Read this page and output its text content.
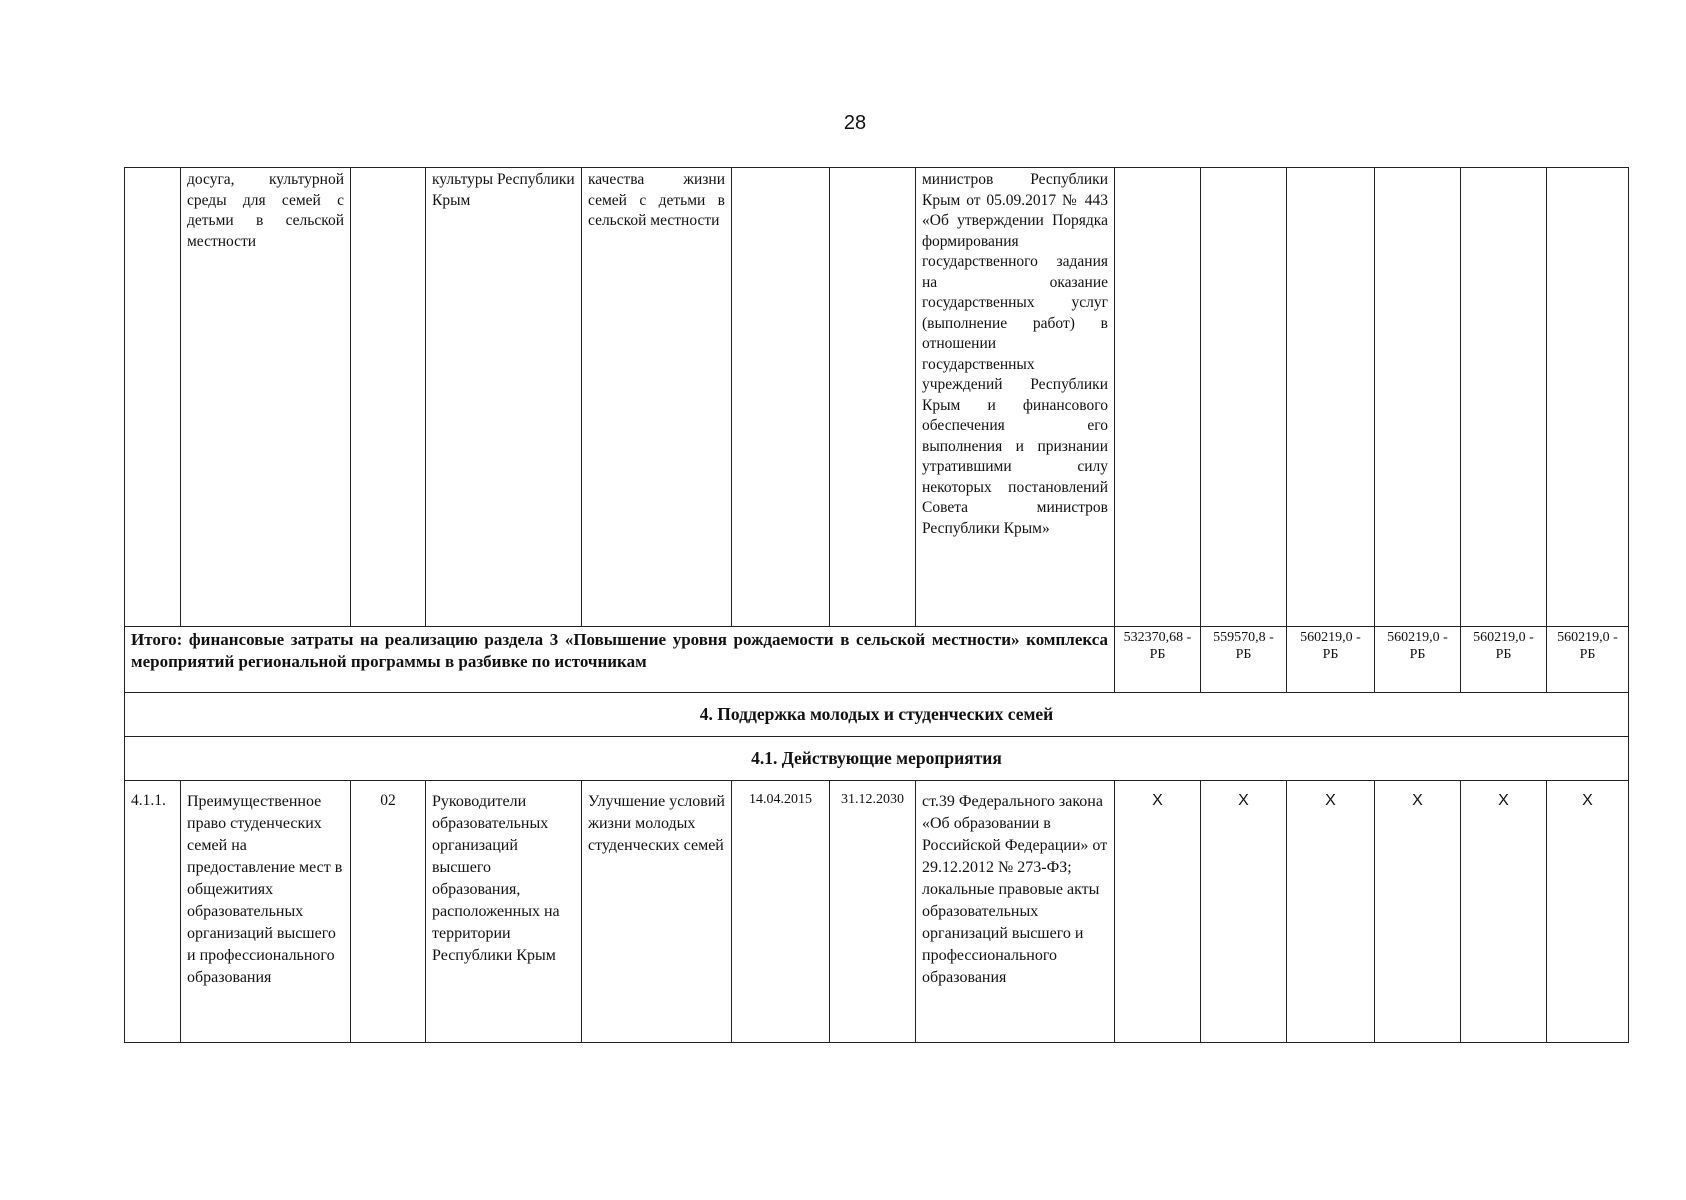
28
	досуга, культурной среды для семей с детьми в сельской местности		культуры Республики Крым	качества жизни семей с детьми в сельской местности			министров Республики Крым от 05.09.2017 № 443 «Об утверждении Порядка формирования государственного задания на оказание государственных услуг (выполнение работ) в отношении государственных учреждений Республики Крым и финансового обеспечения его выполнения и признании утратившими силу некоторых постановлений Совета министров Республики Крым»						
Итого: финансовые затраты на реализацию раздела 3 «Повышение уровня рождаемости в сельской местности» комплекса мероприятий региональной программы в разбивке по источникам								532370,68 - РБ	559570,8 - РБ	560219,0 - РБ	560219,0 - РБ	560219,0 - РБ	560219,0 - РБ
4. Поддержка молодых и студенческих семей													
4.1. Действующие мероприятия													
4.1.1.	Преимущественное право студенческих семей на предоставление мест в общежитиях образовательных организаций высшего и профессионального образования	02	Руководители образовательных организаций высшего образования, расположенных на территории Республики Крым	Улучшение условий жизни молодых студенческих семей	14.04.2015	31.12.2030	ст.39 Федерального закона «Об образовании в Российской Федерации» от 29.12.2012 № 273-ФЗ; локальные правовые акты образовательных организаций высшего и профессионального образования	Х	Х	Х	Х	Х	Х
